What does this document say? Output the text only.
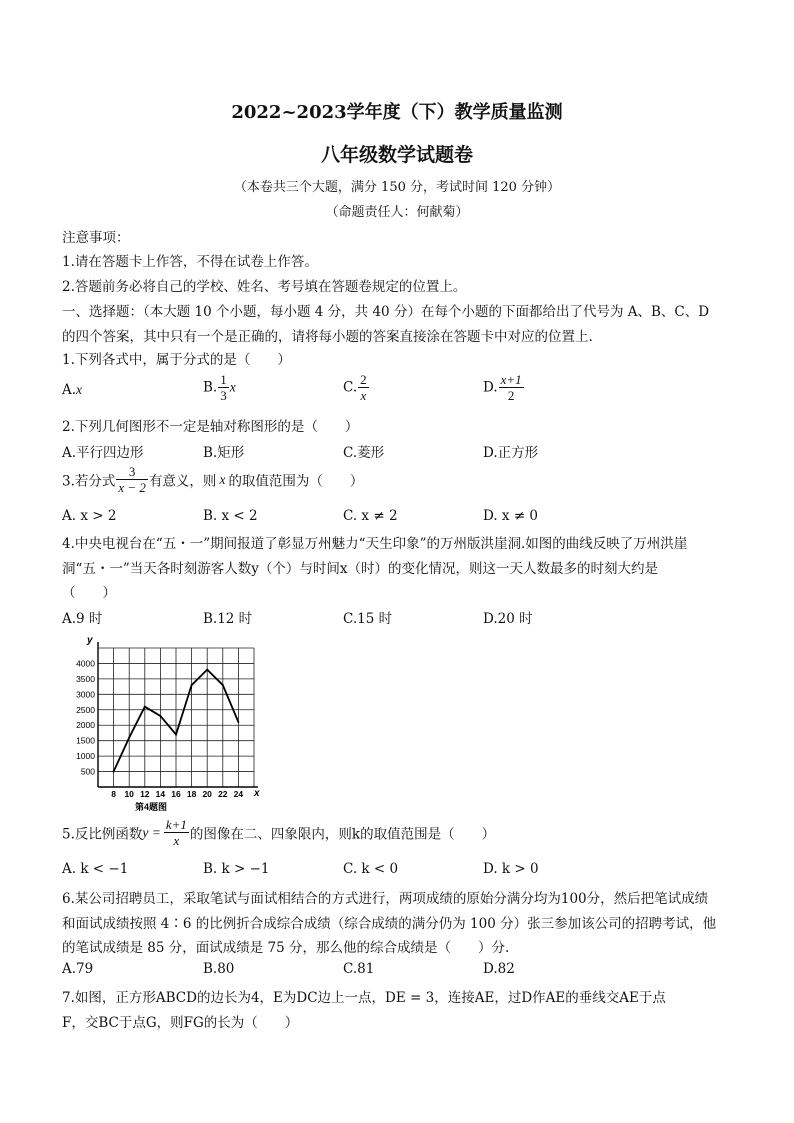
2022~2023学年度（下）教学质量监测
八年级数学试题卷
（本卷共三个大题，满分 150 分，考试时间 120 分钟）
（命题责任人：何献菊）
注意事项：
1.请在答题卡上作答，不得在试卷上作答。
2.答题前务必将自己的学校、姓名、考号填在答题卷规定的位置上。
一、选择题：（本大题 10 个小题，每小题 4 分，共 40 分）在每个小题的下面都给出了代号为 A、B、C、D
的四个答案，其中只有一个是正确的，请将每小题的答案直接涂在答题卡中对应的位置上.
1.下列各式中，属于分式的是（　　）
A.x	B. $\frac{1}{3}$ x	C. $\frac{2}{x}$	D. $\frac{x+1}{2}$
2.下列几何图形不一定是轴对称图形的是（　　）
A.平行四边形	B.矩形	C.菱形	D.正方形
3.若分式 $\frac{3}{x - 2}$ 有意义，则 x 的取值范围为（　　）
A. x > 2	B. x < 2	C. x ≠ 2	D. x ≠ 0
4.中央电视台在“五・一”期间报道了彰显万州魅力“天生印象”的万州版洪崖洞.如图的曲线反映了万州洪崖
洞“五・一”当天各时刻游客人数y（个）与时间x（时）的变化情况，则这一天人数最多的时刻大约是
（　　）
A.9 时	B.12 时	C.15 时	D.20 时
500
1000
1500
2000
2500
3000
3500
4000
8 10 12 14 16 18 20 22 24
y
x
第4题图
5.反比例函数$y = \frac{k+1}{x}$ 的图像在二、四象限内，则k的取值范围是（　　）
A. k < −1	B. k > −1	C. k < 0	D. k > 0
6.某公司招聘员工，采取笔试与面试相结合的方式进行，两项成绩的原始分满分均为100分，然后把笔试成绩
和面试成绩按照 4∶6 的比例折合成综合成绩（综合成绩的满分仍为 100 分）张三参加该公司的招聘考试，他
的笔试成绩是 85 分，面试成绩是 75 分，那么他的综合成绩是（　　）分.
A.79	B.80	C.81	D.82
7.如图，正方形ABCD的边长为4，E为DC边上一点，DE = 3，连接AE，过D作AE的垂线交AE于点
F，交BC于点G，则FG的长为（　　）
